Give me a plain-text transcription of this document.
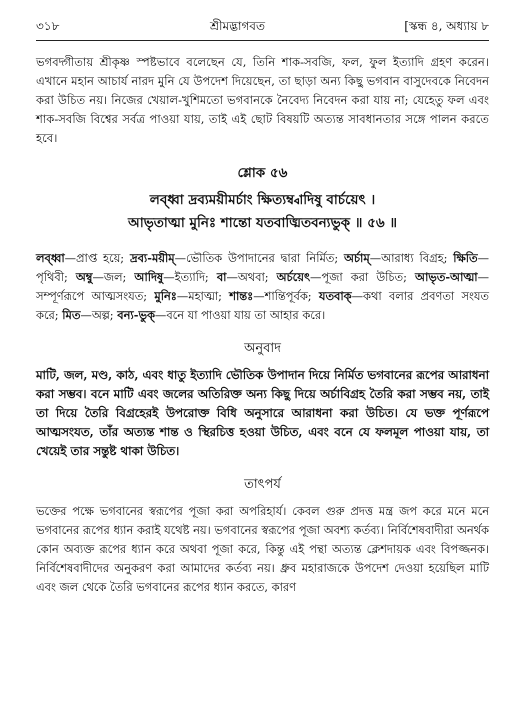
৩১৮	শ্রীমদ্ভাগবত	[স্কন্ধ ৪, অধ্যায় ৮

ভগবদ্গীতায় শ্রীকৃষ্ণ স্পষ্টভাবে বলেছেন যে, তিনি শাক-সবজি, ফল, ফুল ইত্যাদি গ্রহণ করেন। এখানে মহান আচার্য নারদ মুনি যে উপদেশ দিয়েছেন, তা ছাড়া অন্য কিছু ভগবান বাসুদেবকে নিবেদন করা উচিত নয়। নিজের খেয়াল-খুশিমতো ভগবানকে নৈবেদ্য নিবেদন করা যায় না; যেহেতু ফল এবং শাক-সবজি বিশ্বের সর্বত্র পাওয়া যায়, তাই এই ছোট বিষয়টি অত্যন্ত সাবধানতার সঙ্গে পালন করতে হবে।

শ্লোক ৫৬
লব্ধ্বা দ্রব্যময়ীমর্চাং ক্ষিত্যম্ব্বাদিষু বার্চয়েৎ ।
আভৃতাত্মা মুনিঃ শান্তো যতবাঙ্মিতবন্যভুক্ ॥ ৫৬ ॥

লব্ধ্বা—প্রাপ্ত হয়ে; দ্রব্য-ময়ীম্—ভৌতিক উপাদানের দ্বারা নির্মিত; অর্চাম্—আরাধ্য বিগ্রহ; ক্ষিতি—পৃথিবী; অম্বু—জল; আদিষু—ইত্যাদি; বা—অথবা; অর্চয়েৎ—পূজা করা উচিত; আভৃত-আত্মা—সম্পূর্ণরূপে আত্মসংযত; মুনিঃ—মহাত্মা; শান্তঃ—শান্তিপূর্বক; যতবাক্—কথা বলার প্রবণতা সংযত করে; মিত—অল্প; বন্য-ভুক্—বনে যা পাওয়া যায় তা আহার করে।

অনুবাদ

মাটি, জল, মণ্ড, কাঠ, এবং ধাতু ইত্যাদি ভৌতিক উপাদান দিয়ে নির্মিত ভগবানের রূপের আরাধনা করা সম্ভব। বনে মাটি এবং জলের অতিরিক্ত অন্য কিছু দিয়ে অর্চাবিগ্রহ তৈরি করা সম্ভব নয়, তাই তা দিয়ে তৈরি বিগ্রহেরই উপরোক্ত বিধি অনুসারে আরাধনা করা উচিত। যে ভক্ত পূর্ণরূপে আত্মসংযত, তাঁর অত্যন্ত শান্ত ও স্থিরচিত্ত হওয়া উচিত, এবং বনে যে ফলমূল পাওয়া যায়, তা খেয়েই তার সন্তুষ্ট থাকা উচিত।

তাৎপর্য

ভক্তের পক্ষে ভগবানের স্বরূপের পূজা করা অপরিহার্য। কেবল গুরু প্রদত্ত মন্ত্র জপ করে মনে মনে ভগবানের রূপের ধ্যান করাই যথেষ্ট নয়। ভগবানের স্বরূপের পূজা অবশ্য কর্তব্য। নির্বিশেষবাদীরা অনর্থক কোন অব্যক্ত রূপের ধ্যান করে অথবা পূজা করে, কিন্তু এই পন্থা অত্যন্ত ক্লেশদায়ক এবং বিপজ্জনক। নির্বিশেষবাদীদের অনুকরণ করা আমাদের কর্তব্য নয়। ধ্রুব মহারাজকে উপদেশ দেওয়া হয়েছিল মাটি এবং জল থেকে তৈরি ভগবানের রূপের ধ্যান করতে, কারণ
